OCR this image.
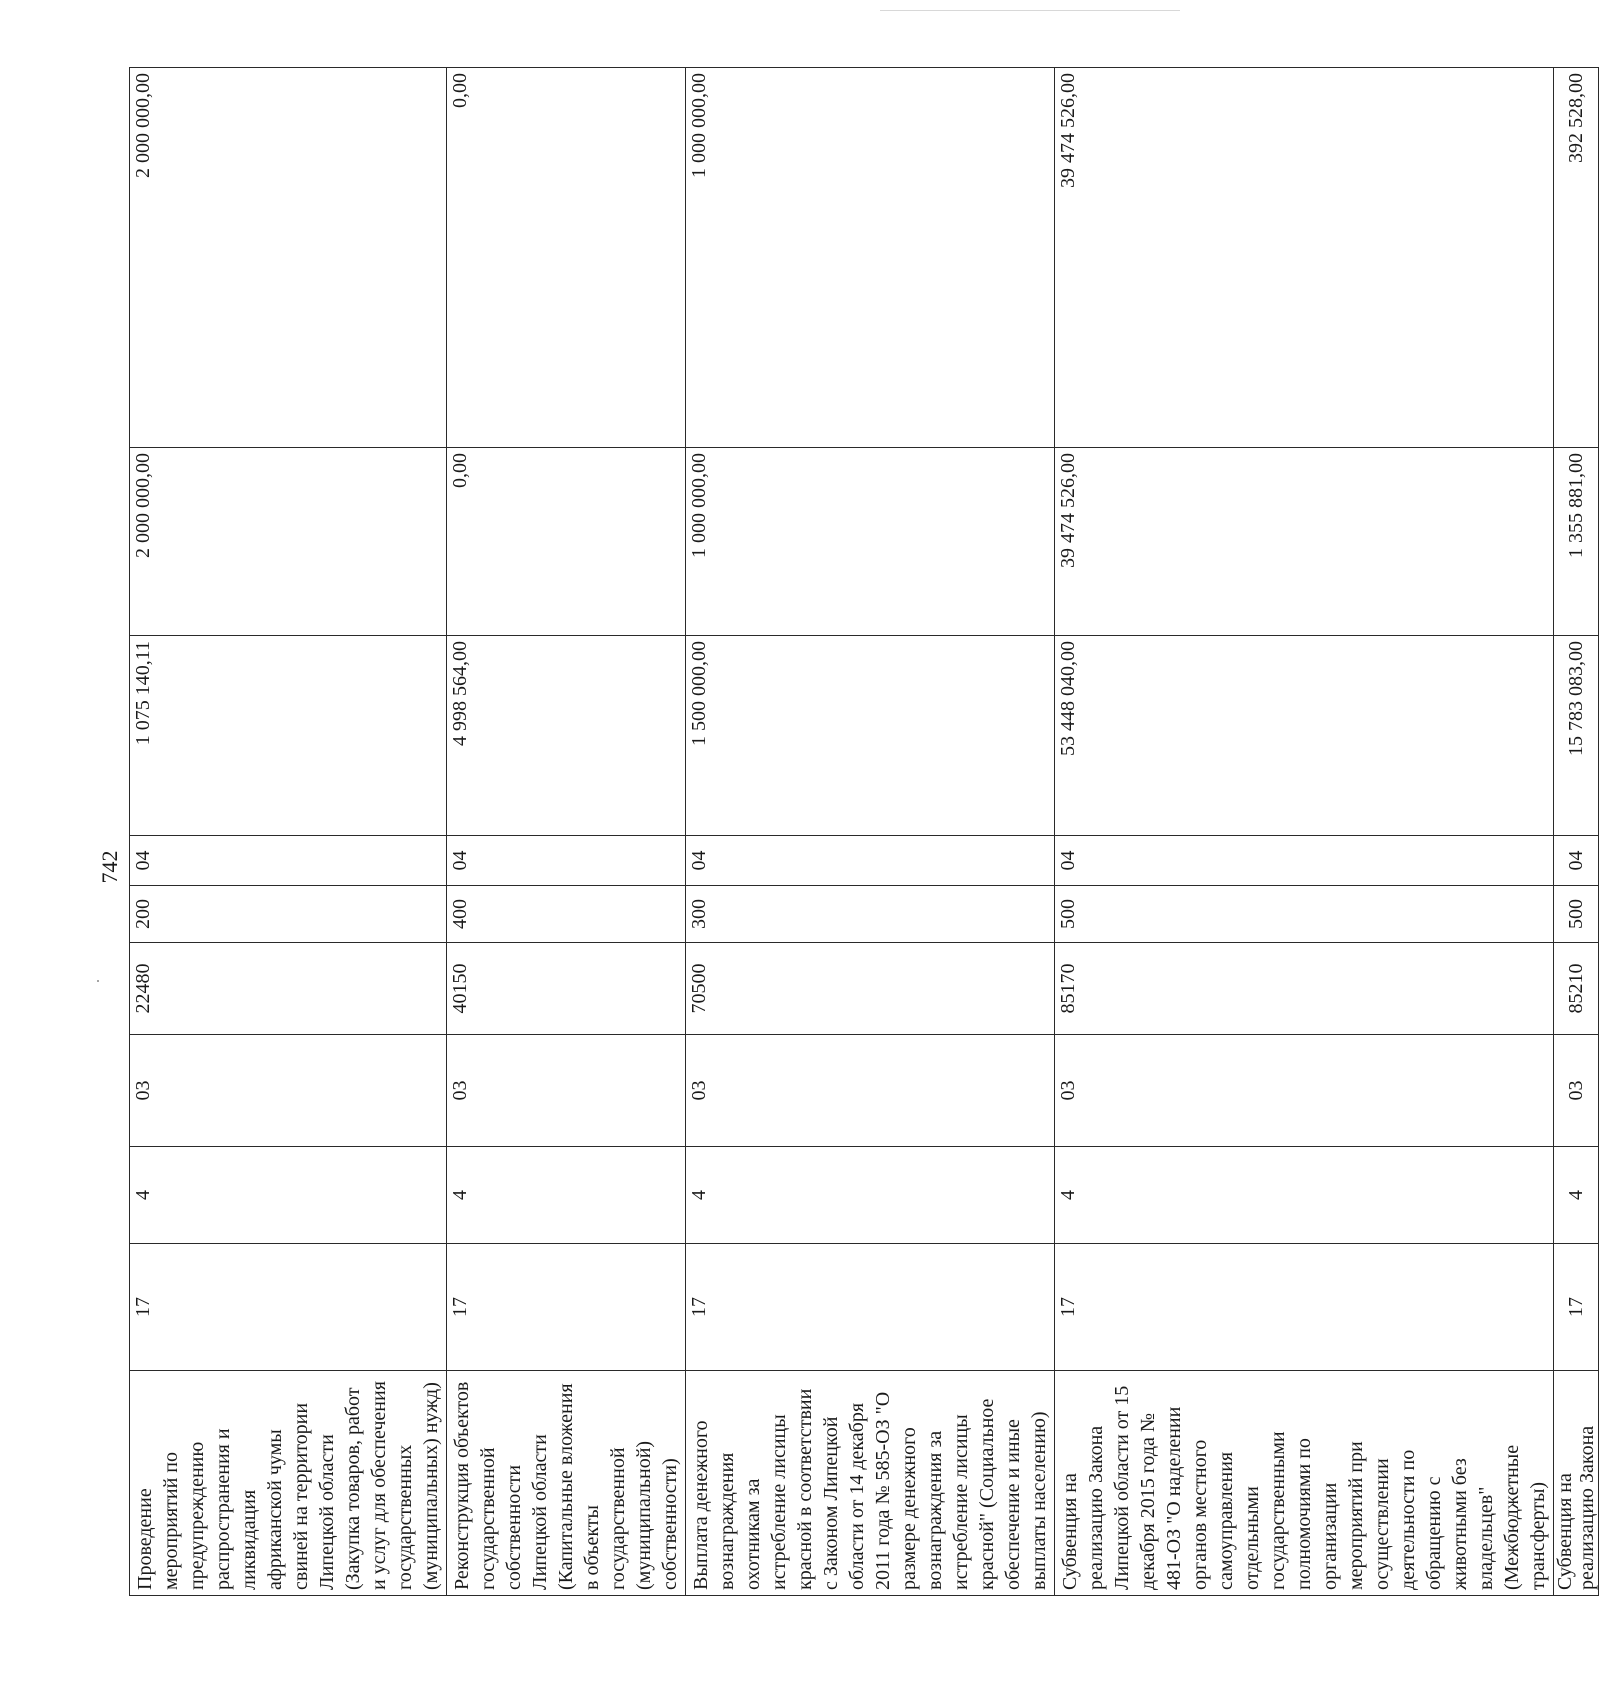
742
Проведение мероприятий по предупреждению распространения и ликвидация африканской чумы свиней на территории Липецкой области (Закупка товаров, работ и услуг для обеспечения государственных (муниципальных) нужд)	17	4	03	22480	200	04	1 075 140,11	2 000 000,00	2 000 000,00
Реконструкция объектов государственной собственности Липецкой области (Капитальные вложения в объекты государственной (муниципальной) собственности)	17	4	03	40150	400	04	4 998 564,00	0,00	0,00
Выплата денежного вознаграждения охотникам за истребление лисицы красной в соответствии с Законом Липецкой области от 14 декабря 2011 года № 585-ОЗ "О размере денежного вознаграждения за истребление лисицы красной" (Социальное обеспечение и иные выплаты населению)	17	4	03	70500	300	04	1 500 000,00	1 000 000,00	1 000 000,00
Субвенция на реализацию Закона Липецкой области от 15 декабря 2015 года № 481-ОЗ "О наделении органов местного самоуправления отдельными государственными полномочиями по организации мероприятий при осуществлении деятельности по обращению с животными без владельцев" (Межбюджетные трансферты)	17	4	03	85170	500	04	53 448 040,00	39 474 526,00	39 474 526,00
Субвенция на реализацию Закона	17	4	03	85210	500	04	15 783 083,00	1 355 881,00	392 528,00
